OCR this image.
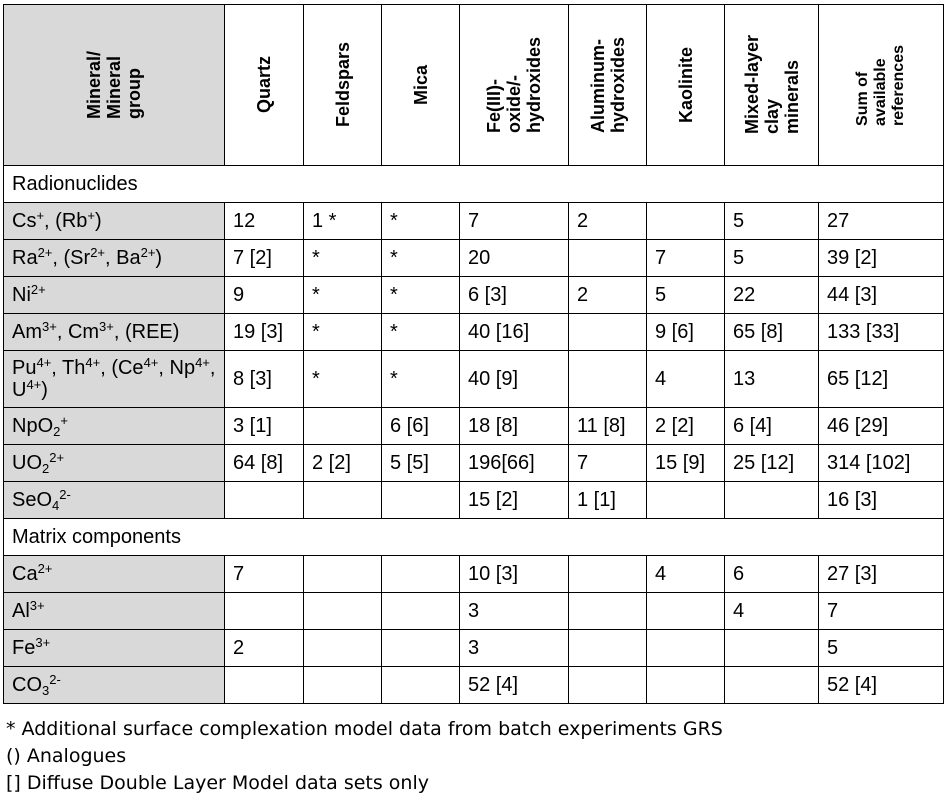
Mineral/
Mineral
group	Quartz	Feldspars	Mica	Fe(III)-
oxide/-
hydroxides	Aluminum-
hydroxides	Kaolinite	Mixed-layer
clay
minerals	Sum of
available
references

Radionuclides								
Cs+, (Rb+)	12	1 *	*	7	2		5	27
$Ra^{2+}$, ($Sr^{2+}$, $Ba^{2+}$)	7 [2]	*	*	20		7	5	39 [2]
$Ni^{2+}$	9	*	*	6 [3]	2	5	22	44 [3]
$Am^{3+}$, $Cm^{3+}$, (REE)	19 [3]	*	*	40 [16]		9 [6]	65 [8]	133 [33]
$Pu^{4+}$, $Th^{4+}$, ($Ce^{4+}$, $Np^{4+}$, $U^{4+}$)	8 [3]	*	*	40 [9]		4	13	65 [12]
NpO$_2$+	3 [1]		6 [6]	18 [8]	11 [8]	2 [2]	6 [4]	46 [29]
$UO_2^{2+}$	64 [8]	2 [2]	5 [5]	196[66]	7	15 [9]	25 [12]	314 [102]
SeO$_4^{2-}$				15 [2]	1 [1]			16 [3]
Matrix components								
$Ca^{2+}$	7			10 [3]		4	6	27 [3]
$Al^{3+}$				3			4	7
$Fe^{3+}$	2			3				5
$CO_3^{2-}$				52 [4]				52 [4]
* Additional surface complexation model data from batch experiments GRS
() Analogues
[] Diffuse Double Layer Model data sets only
